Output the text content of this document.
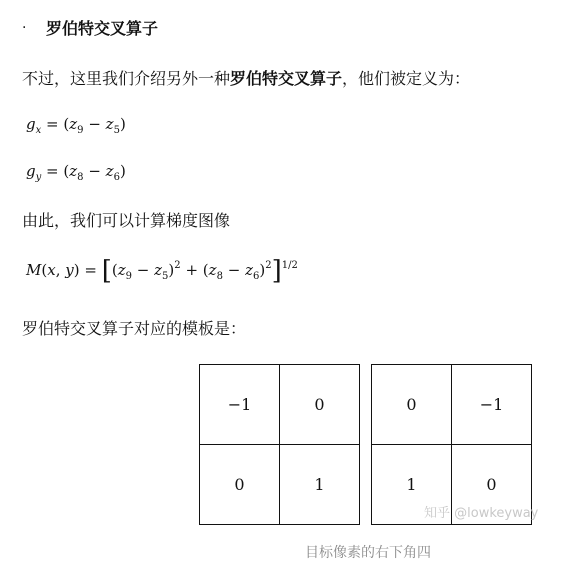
·	罗伯特交叉算子
不过，这里我们介绍另外一种罗伯特交叉算子，他们被定义为：
$g_x = (z_9 - z_5)$
$g_y = (z_8 - z_6)$
由此，我们可以计算梯度图像
M(x, $y) = [(z_9 - z_5)^2 + (z_8 - z_6)^2]^{1/2}$
罗伯特交叉算子对应的模板是：
−1	0
0	1
0	−1
1	0
知乎 @lowkeyway
目标像素的右下角四
